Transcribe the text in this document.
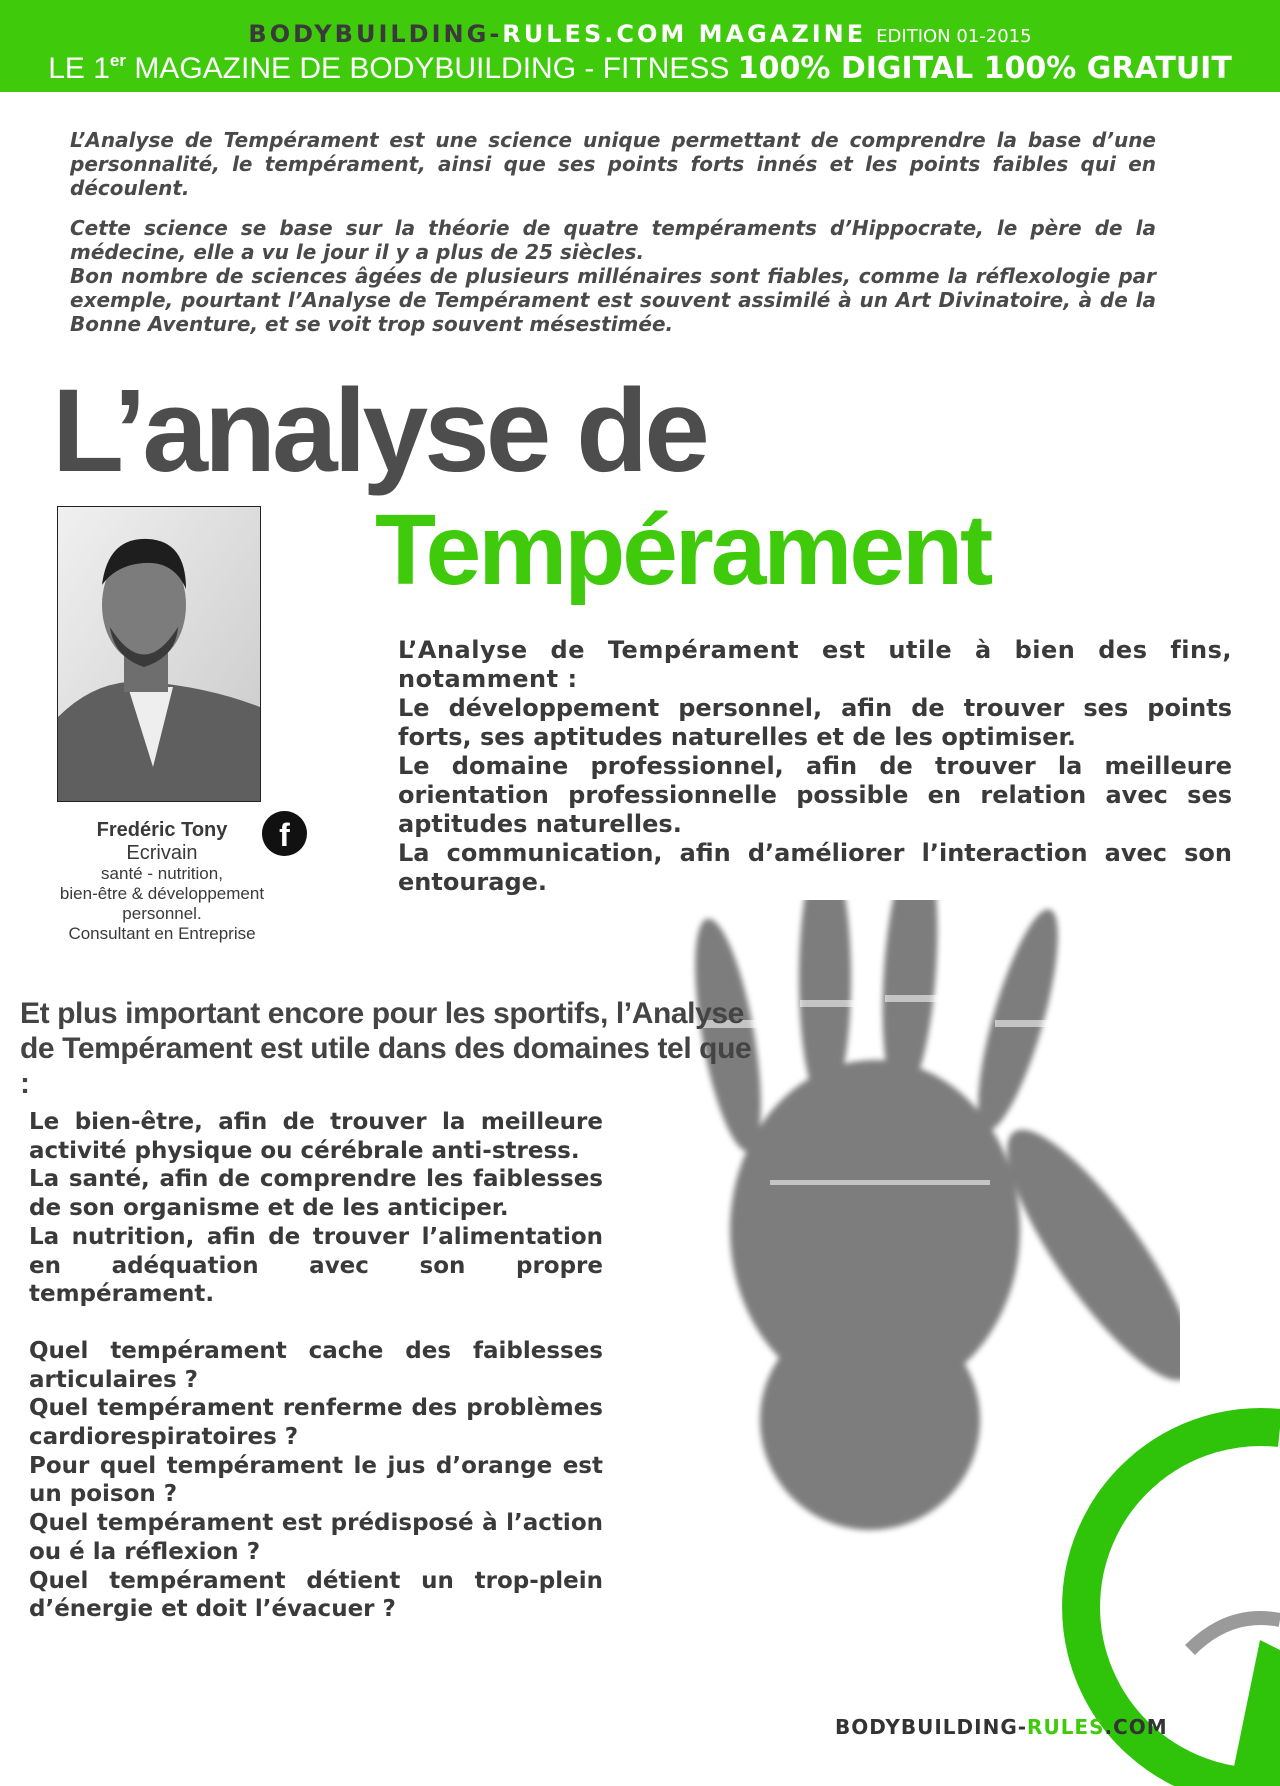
BODYBUILDING-RULES.COM MAGAZINE EDITION 01-2015
LE 1er MAGAZINE DE BODYBUILDING - FITNESS 100% DIGITAL 100% GRATUIT

L’Analyse de Tempérament est une science unique permettant de comprendre la base d’une personnalité, le tempérament, ainsi que ses points forts innés et les points faibles qui en découlent.

Cette science se base sur la théorie de quatre tempéraments d’Hippocrate, le père de la médecine, elle a vu le jour il y a plus de 25 siècles.

Bon nombre de sciences âgées de plusieurs millénaires sont fiables, comme la réflexologie par exemple, pourtant l’Analyse de Tempérament est souvent assimilé à un Art Divinatoire, à de la Bonne Aventure, et se voit trop souvent mésestimée.

L’analyse de
Tempérament
Fredéric Tony
Ecrivain
santé - nutrition,
bien-être & développement
personnel.
Consultant en Entreprise
f

L’Analyse de Tempérament est utile à bien des fins, notamment :

Le développement personnel, afin de trouver ses points forts, ses aptitudes naturelles et de les optimiser.

Le domaine professionnel, afin de trouver la meilleure orientation professionnelle possible en relation avec ses aptitudes naturelles.

La communication, afin d’améliorer l’interaction avec son entourage.

Et plus important encore pour les sportifs, l’Analyse de Tempérament est utile dans des domaines tel que :

Le bien-être, afin de trouver la meilleure activité physique ou cérébrale anti-stress.

La santé, afin de comprendre les faiblesses de son organisme et de les anticiper.

La nutrition, afin de trouver l’alimentation en adéquation avec son propre tempérament.

Quel tempérament cache des faiblesses articulaires ?

Quel tempérament renferme des problèmes cardiorespiratoires ?

Pour quel tempérament le jus d’orange est un poison ?

Quel tempérament est prédisposé à l’action ou é la réflexion ?

Quel tempérament détient un trop-plein d’énergie et doit l’évacuer ?

BODYBUILDING-RULES.COM
